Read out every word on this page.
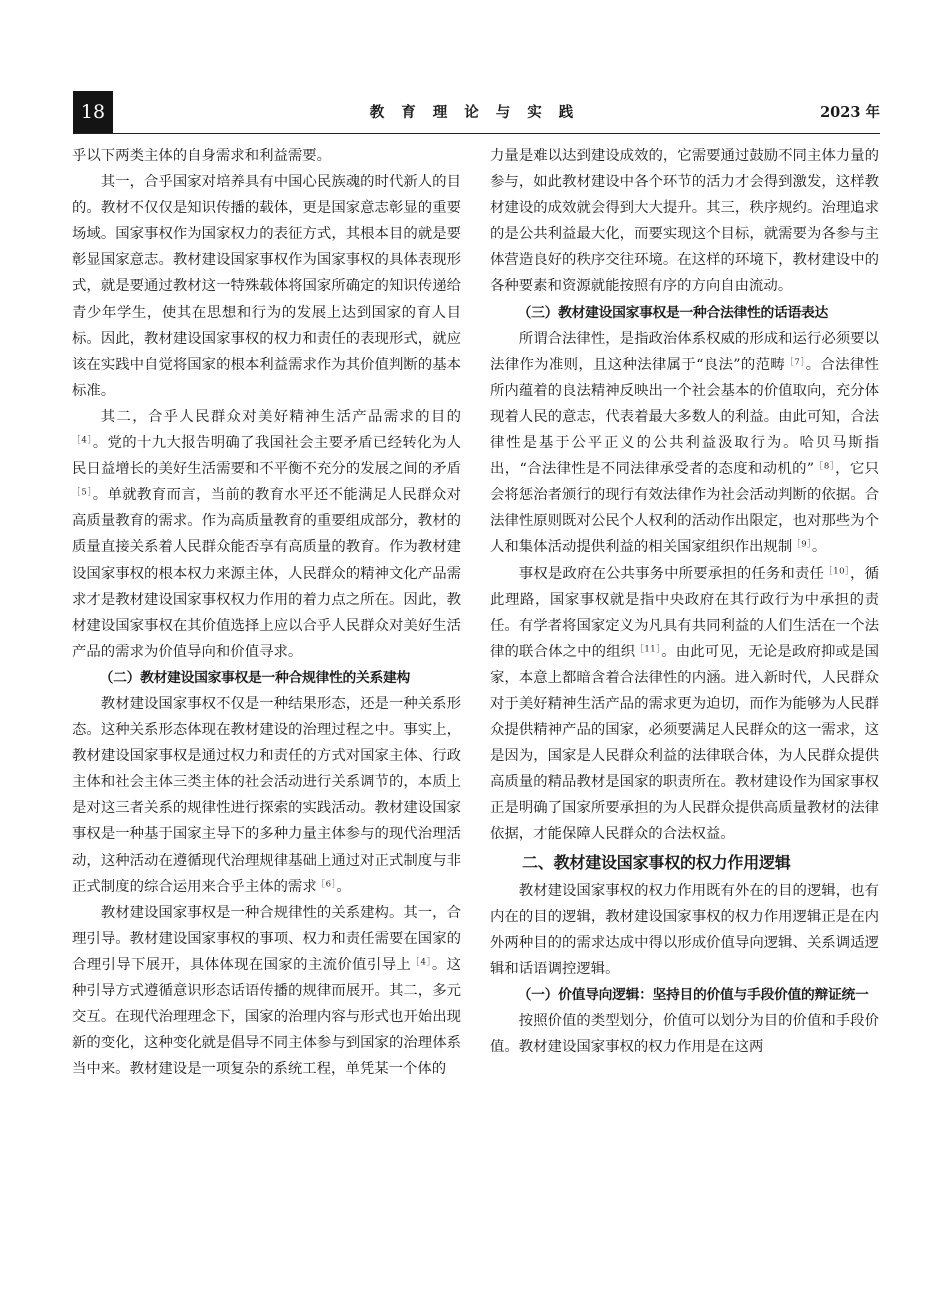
18	教育理论与实践	2023 年

乎以下两类主体的自身需求和利益需要。

其一，合乎国家对培养具有中国心民族魂的时代新人的目的。教材不仅仅是知识传播的载体，更是国家意志彰显的重要场域。国家事权作为国家权力的表征方式，其根本目的就是要彰显国家意志。教材建设国家事权作为国家事权的具体表现形式，就是要通过教材这一特殊载体将国家所确定的知识传递给青少年学生，使其在思想和行为的发展上达到国家的育人目标。因此，教材建设国家事权的权力和责任的表现形式，就应该在实践中自觉将国家的根本利益需求作为其价值判断的基本标准。

其二，合乎人民群众对美好精神生活产品需求的目的$^{[4]}$。党的十九大报告明确了我国社会主要矛盾已经转化为人民日益增长的美好生活需要和不平衡不充分的发展之间的矛盾$^{[5]}$。单就教育而言，当前的教育水平还不能满足人民群众对高质量教育的需求。作为高质量教育的重要组成部分，教材的质量直接关系着人民群众能否享有高质量的教育。作为教材建设国家事权的根本权力来源主体，人民群众的精神文化产品需求才是教材建设国家事权权力作用的着力点之所在。因此，教材建设国家事权在其价值选择上应以合乎人民群众对美好生活产品的需求为价值导向和价值寻求。

（二）教材建设国家事权是一种合规律性的关系建构

教材建设国家事权不仅是一种结果形态，还是一种关系形态。这种关系形态体现在教材建设的治理过程之中。事实上，教材建设国家事权是通过权力和责任的方式对国家主体、行政主体和社会主体三类主体的社会活动进行关系调节的，本质上是对这三者关系的规律性进行探索的实践活动。教材建设国家事权是一种基于国家主导下的多种力量主体参与的现代治理活动，这种活动在遵循现代治理规律基础上通过对正式制度与非正式制度的综合运用来合乎主体的需求$^{[6]}$。

教材建设国家事权是一种合规律性的关系建构。其一，合理引导。教材建设国家事权的事项、权力和责任需要在国家的合理引导下展开，具体体现在国家的主流价值引导上$^{[4]}$。这种引导方式遵循意识形态话语传播的规律而展开。其二，多元交互。在现代治理理念下，国家的治理内容与形式也开始出现新的变化，这种变化就是倡导不同主体参与到国家的治理体系当中来。教材建设是一项复杂的系统工程，单凭某一个体的

力量是难以达到建设成效的，它需要通过鼓励不同主体力量的参与，如此教材建设中各个环节的活力才会得到激发，这样教材建设的成效就会得到大大提升。其三，秩序规约。治理追求的是公共利益最大化，而要实现这个目标，就需要为各参与主体营造良好的秩序交往环境。在这样的环境下，教材建设中的各种要素和资源就能按照有序的方向自由流动。

（三）教材建设国家事权是一种合法律性的话语表达

所谓合法律性，是指政治体系权威的形成和运行必须要以法律作为准则，且这种法律属于“良法”的范畴$^{[7]}$。合法律性所内蕴着的良法精神反映出一个社会基本的价值取向，充分体现着人民的意志，代表着最大多数人的利益。由此可知，合法律性是基于公平正义的公共利益汲取行为。哈贝马斯指出，“合法律性是不同法律承受者的态度和动机的”$^{[8]}$，它只会将惩治者颁行的现行有效法律作为社会活动判断的依据。合法律性原则既对公民个人权利的活动作出限定，也对那些为个人和集体活动提供利益的相关国家组织作出规制$^{[9]}$。

事权是政府在公共事务中所要承担的任务和责任$^{[10]}$，循此理路，国家事权就是指中央政府在其行政行为中承担的责任。有学者将国家定义为凡具有共同利益的人们生活在一个法律的联合体之中的组织$^{[11]}$。由此可见，无论是政府抑或是国家，本意上都暗含着合法律性的内涵。进入新时代，人民群众对于美好精神生活产品的需求更为迫切，而作为能够为人民群众提供精神产品的国家，必须要满足人民群众的这一需求，这是因为，国家是人民群众利益的法律联合体，为人民群众提供高质量的精品教材是国家的职责所在。教材建设作为国家事权正是明确了国家所要承担的为人民群众提供高质量教材的法律依据，才能保障人民群众的合法权益。

二、教材建设国家事权的权力作用逻辑

教材建设国家事权的权力作用既有外在的目的逻辑，也有内在的目的逻辑，教材建设国家事权的权力作用逻辑正是在内外两种目的的需求达成中得以形成价值导向逻辑、关系调适逻辑和话语调控逻辑。

（一）价值导向逻辑：坚持目的价值与手段价值的辩证统一

按照价值的类型划分，价值可以划分为目的价值和手段价值。教材建设国家事权的权力作用是在这两
